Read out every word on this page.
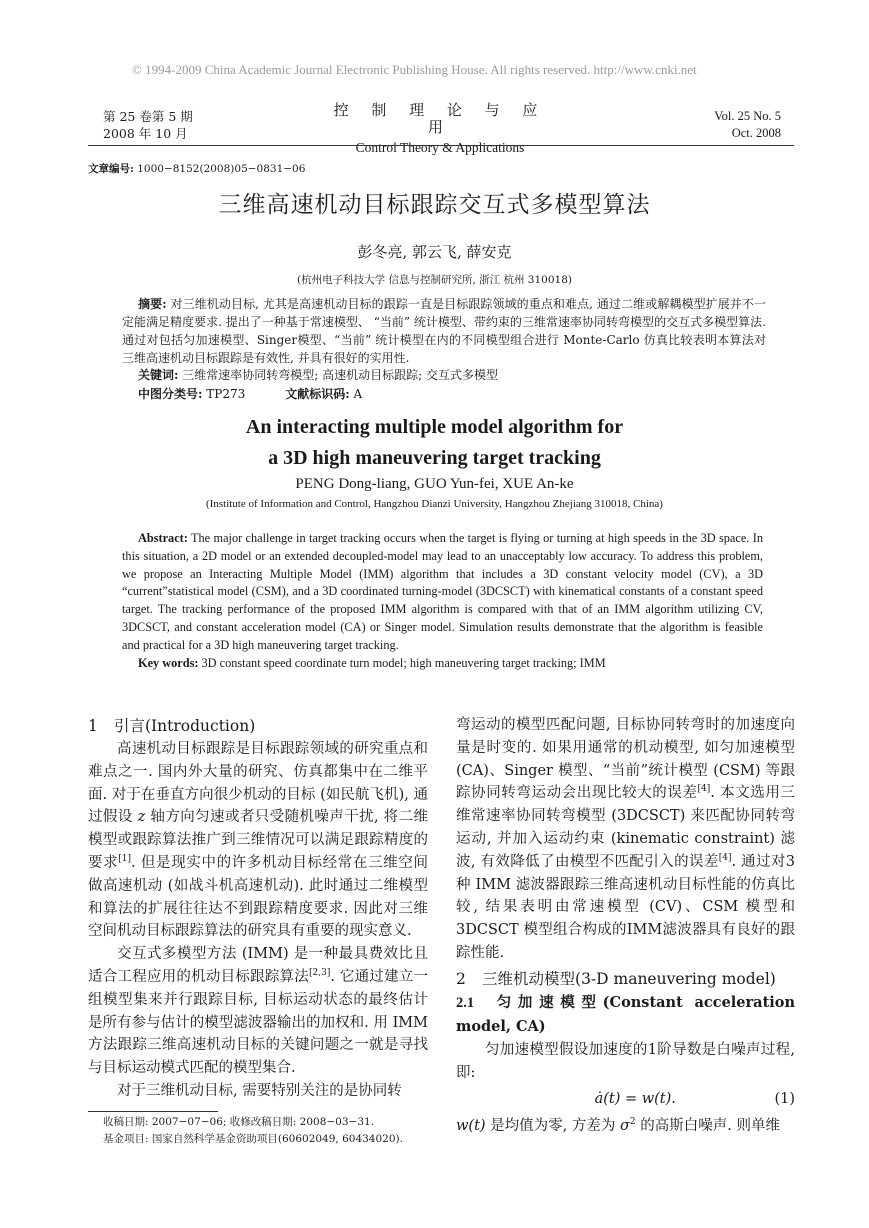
© 1994-2009 China Academic Journal Electronic Publishing House. All rights reserved. http://www.cnki.net
第 25 卷第 5 期
2008 年 10 月
控 制 理 论 与 应 用
Control Theory & Applications
Vol. 25 No. 5
Oct. 2008
文章编号: 1000−8152(2008)05−0831−06
三维高速机动目标跟踪交互式多模型算法
彭冬亮, 郭云飞, 薛安克
(杭州电子科技大学 信息与控制研究所, 浙江 杭州 310018)
摘要: 对三维机动目标, 尤其是高速机动目标的跟踪一直是目标跟踪领域的重点和难点, 通过二维或解耦模型扩展并不一定能满足精度要求. 提出了一种基于常速模型、 “当前” 统计模型、带约束的三维常速率协同转弯模型的交互式多模型算法. 通过对包括匀加速模型、Singer模型、“当前” 统计模型在内的不同模型组合进行 Monte-Carlo 仿真比较表明本算法对三维高速机动目标跟踪是有效性, 并具有很好的实用性.
关键词: 三维常速率协同转弯模型; 高速机动目标跟踪; 交互式多模型
中图分类号: TP273	文献标识码: A
An interacting multiple model algorithm for
a 3D high maneuvering target tracking
PENG Dong-liang, GUO Yun-fei, XUE An-ke
(Institute of Information and Control, Hangzhou Dianzi University, Hangzhou Zhejiang 310018, China)
Abstract: The major challenge in target tracking occurs when the target is flying or turning at high speeds in the 3D space. In this situation, a 2D model or an extended decoupled-model may lead to an unacceptably low accuracy. To address this problem, we propose an Interacting Multiple Model (IMM) algorithm that includes a 3D constant velocity model (CV), a 3D “current”statistical model (CSM), and a 3D coordinated turning-model (3DCSCT) with kinematical constants of a constant speed target. The tracking performance of the proposed IMM algorithm is compared with that of an IMM algorithm utilizing CV, 3DCSCT, and constant acceleration model (CA) or Singer model. Simulation results demonstrate that the algorithm is feasible and practical for a 3D high maneuvering target tracking.
Key words: 3D constant speed coordinate turn model; high maneuvering target tracking; IMM
1 引言(Introduction)

高速机动目标跟踪是目标跟踪领域的研究重点和难点之一. 国内外大量的研究、仿真都集中在二维平面. 对于在垂直方向很少机动的目标 (如民航飞机), 通过假设 z 轴方向匀速或者只受随机噪声干扰, 将二维模型或跟踪算法推广到三维情况可以满足跟踪精度的要求[1]. 但是现实中的许多机动目标经常在三维空间做高速机动 (如战斗机高速机动). 此时通过二维模型和算法的扩展往往达不到跟踪精度要求. 因此对三维空间机动目标跟踪算法的研究具有重要的现实意义.

交互式多模型方法 (IMM) 是一种最具费效比且适合工程应用的机动目标跟踪算法[2,3]. 它通过建立一组模型集来并行跟踪目标, 目标运动状态的最终估计是所有参与估计的模型滤波器输出的加权和. 用 IMM 方法跟踪三维高速机动目标的关键问题之一就是寻找与目标运动模式匹配的模型集合.

对于三维机动目标, 需要特别关注的是协同转

弯运动的模型匹配问题, 目标协同转弯时的加速度向量是时变的. 如果用通常的机动模型, 如匀加速模型 (CA)、Singer 模型、“当前”统计模型 (CSM) 等跟踪协同转弯运动会出现比较大的误差[4]. 本文选用三维常速率协同转弯模型 (3DCSCT) 来匹配协同转弯运动, 并加入运动约束 (kinematic constraint) 滤波, 有效降低了由模型不匹配引入的误差[4]. 通过对3种 IMM 滤波器跟踪三维高速机动目标性能的仿真比较, 结果表明由常速模型 (CV)、CSM 模型和 3DCSCT 模型组合构成的IMM滤波器具有良好的跟踪性能.

2 三维机动模型(3-D maneuvering model)
2.1 匀加速模型(Constant acceleration model, CA)

匀加速模型假设加速度的1阶导数是白噪声过程, 即:

ȧ(t) = w(t).	(1)

w(t) 是均值为零, 方差为 $\sigma^2$ 的高斯白噪声. 则单维

收稿日期: 2007−07−06; 收修改稿日期: 2008−03−31.
基金项目: 国家自然科学基金资助项目(60602049, 60434020).
